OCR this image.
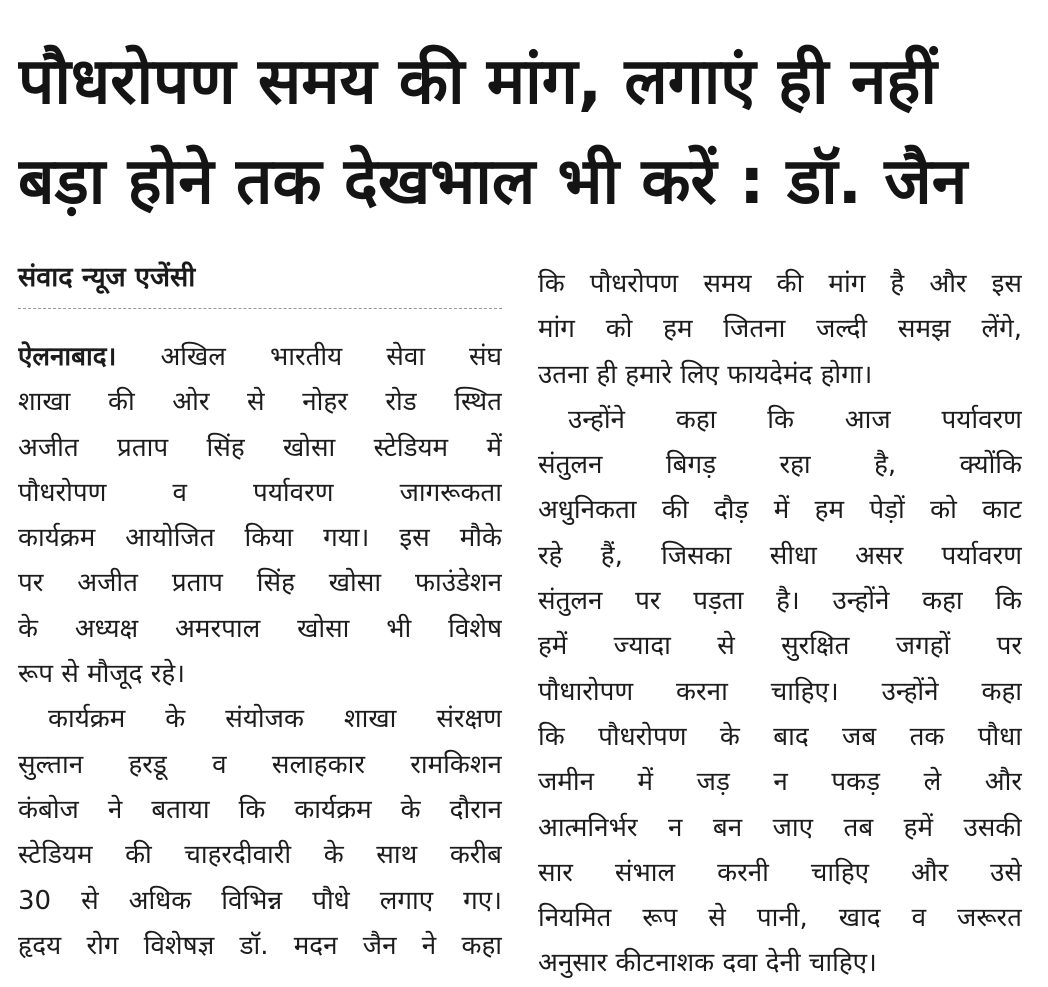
पौधरोपण समय की मांग, लगाएं ही नहीं
बड़ा होने तक देखभाल भी करें : डॉ. जैन
संवाद न्यूज एजेंसी
ऐलनाबाद। अखिल भारतीय सेवा संघ
शाखा की ओर से नोहर रोड स्थित
अजीत प्रताप सिंह खोसा स्टेडियम में
पौधरोपण व पर्यावरण जागरूकता
कार्यक्रम आयोजित किया गया। इस मौके
पर अजीत प्रताप सिंह खोसा फाउंडेशन
के अध्यक्ष अमरपाल खोसा भी विशेष
रूप से मौजूद रहे।
कार्यक्रम के संयोजक शाखा संरक्षण
सुल्तान हरडू व सलाहकार रामकिशन
कंबोज ने बताया कि कार्यक्रम के दौरान
स्टेडियम की चाहरदीवारी के साथ करीब
30 से अधिक विभिन्न पौधे लगाए गए।
हृदय रोग विशेषज्ञ डॉ. मदन जैन ने कहा
कि पौधरोपण समय की मांग है और इस
मांग को हम जितना जल्दी समझ लेंगे,
उतना ही हमारे लिए फायदेमंद होगा।
उन्होंने कहा कि आज पर्यावरण
संतुलन बिगड़ रहा है, क्योंकि
अधुनिकता की दौड़ में हम पेड़ों को काट
रहे हैं, जिसका सीधा असर पर्यावरण
संतुलन पर पड़ता है। उन्होंने कहा कि
हमें ज्यादा से सुरक्षित जगहों पर
पौधारोपण करना चाहिए। उन्होंने कहा
कि पौधरोपण के बाद जब तक पौधा
जमीन में जड़ न पकड़ ले और
आत्मनिर्भर न बन जाए तब हमें उसकी
सार संभाल करनी चाहिए और उसे
नियमित रूप से पानी, खाद व जरूरत
अनुसार कीटनाशक दवा देनी चाहिए।
